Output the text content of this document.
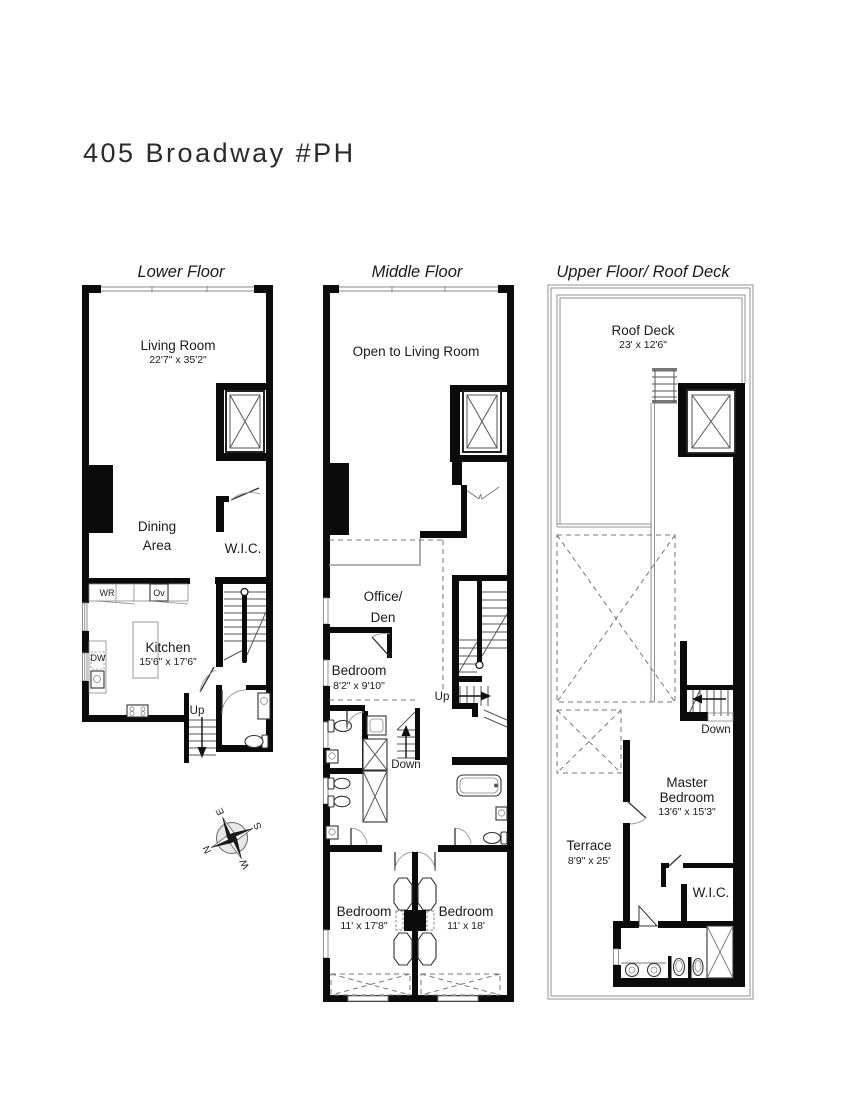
405 Broadway #PH
Lower Floor	Middle Floor	Upper Floor/ Roof Deck
Up
Living Room
22'7" x 35'2"
Dining
Area	W.I.C.
Kitchen
15'6" x 17'6"
WR	Ov
DW
N
E
S
W
Down
Up
Open to Living Room
Office/
Den
Bedroom
8'2" x 9'10"
Bedroom
11' x 17'8"
Bedroom
11' x 18'
Down
Roof Deck
23' x 12'6"
Master
Bedroom
13'6" x 15'3"
Terrace
8'9" x 25'
W.I.C.
